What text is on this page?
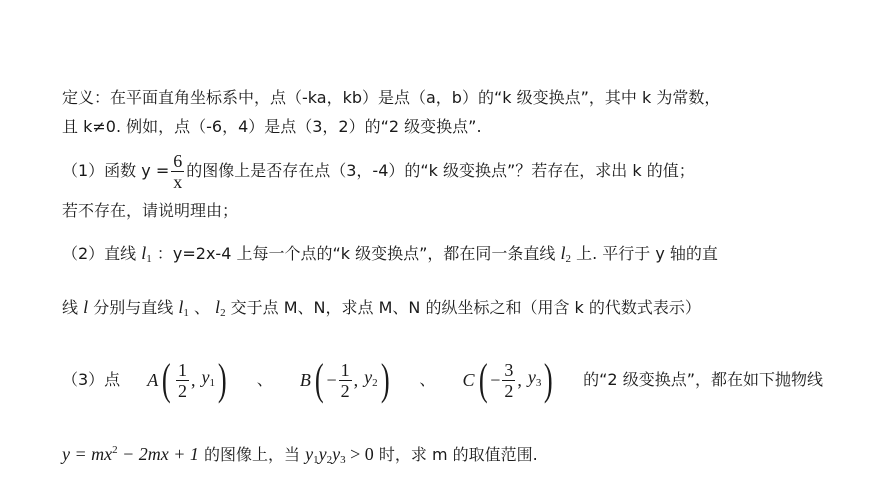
定义：在平面直角坐标系中，点（-ka，kb）是点（a，b）的“k 级变换点”，其中 k 为常数，
且 k≠0. 例如，点（-6，4）是点（3，2）的“2 级变换点”.
（1）函数 $y = \frac{6}{x}$ 的图像上是否存在点（3，-4）的“k 级变换点”？若存在，求出 k 的值；
若不存在，请说明理由；
（2）直线 $l_1$ ：y=2x-4 上每一个点的“k 级变换点”，都在同一条直线 $l_2$ 上. 平行于 y 轴的直
线 l 分别与直线 $l_1$ 、 $l_2$ 交于点 M、N，求点 M、N 的纵坐标之和（用含 k 的代数式表示）
（3）点 A ( $\frac{1}{2}$ , $y_1$ ) 、 B ( − $\frac{1}{2}$ , $y_2$ ) 、 C ( − $\frac{3}{2}$ , $y_3$ ) 的“2 级变换点”，都在如下抛物线
$y = mx^2 - 2mx + 1$ 的图像上，当 $y_1y_2y_3 > 0$ 时，求 m 的取值范围.
